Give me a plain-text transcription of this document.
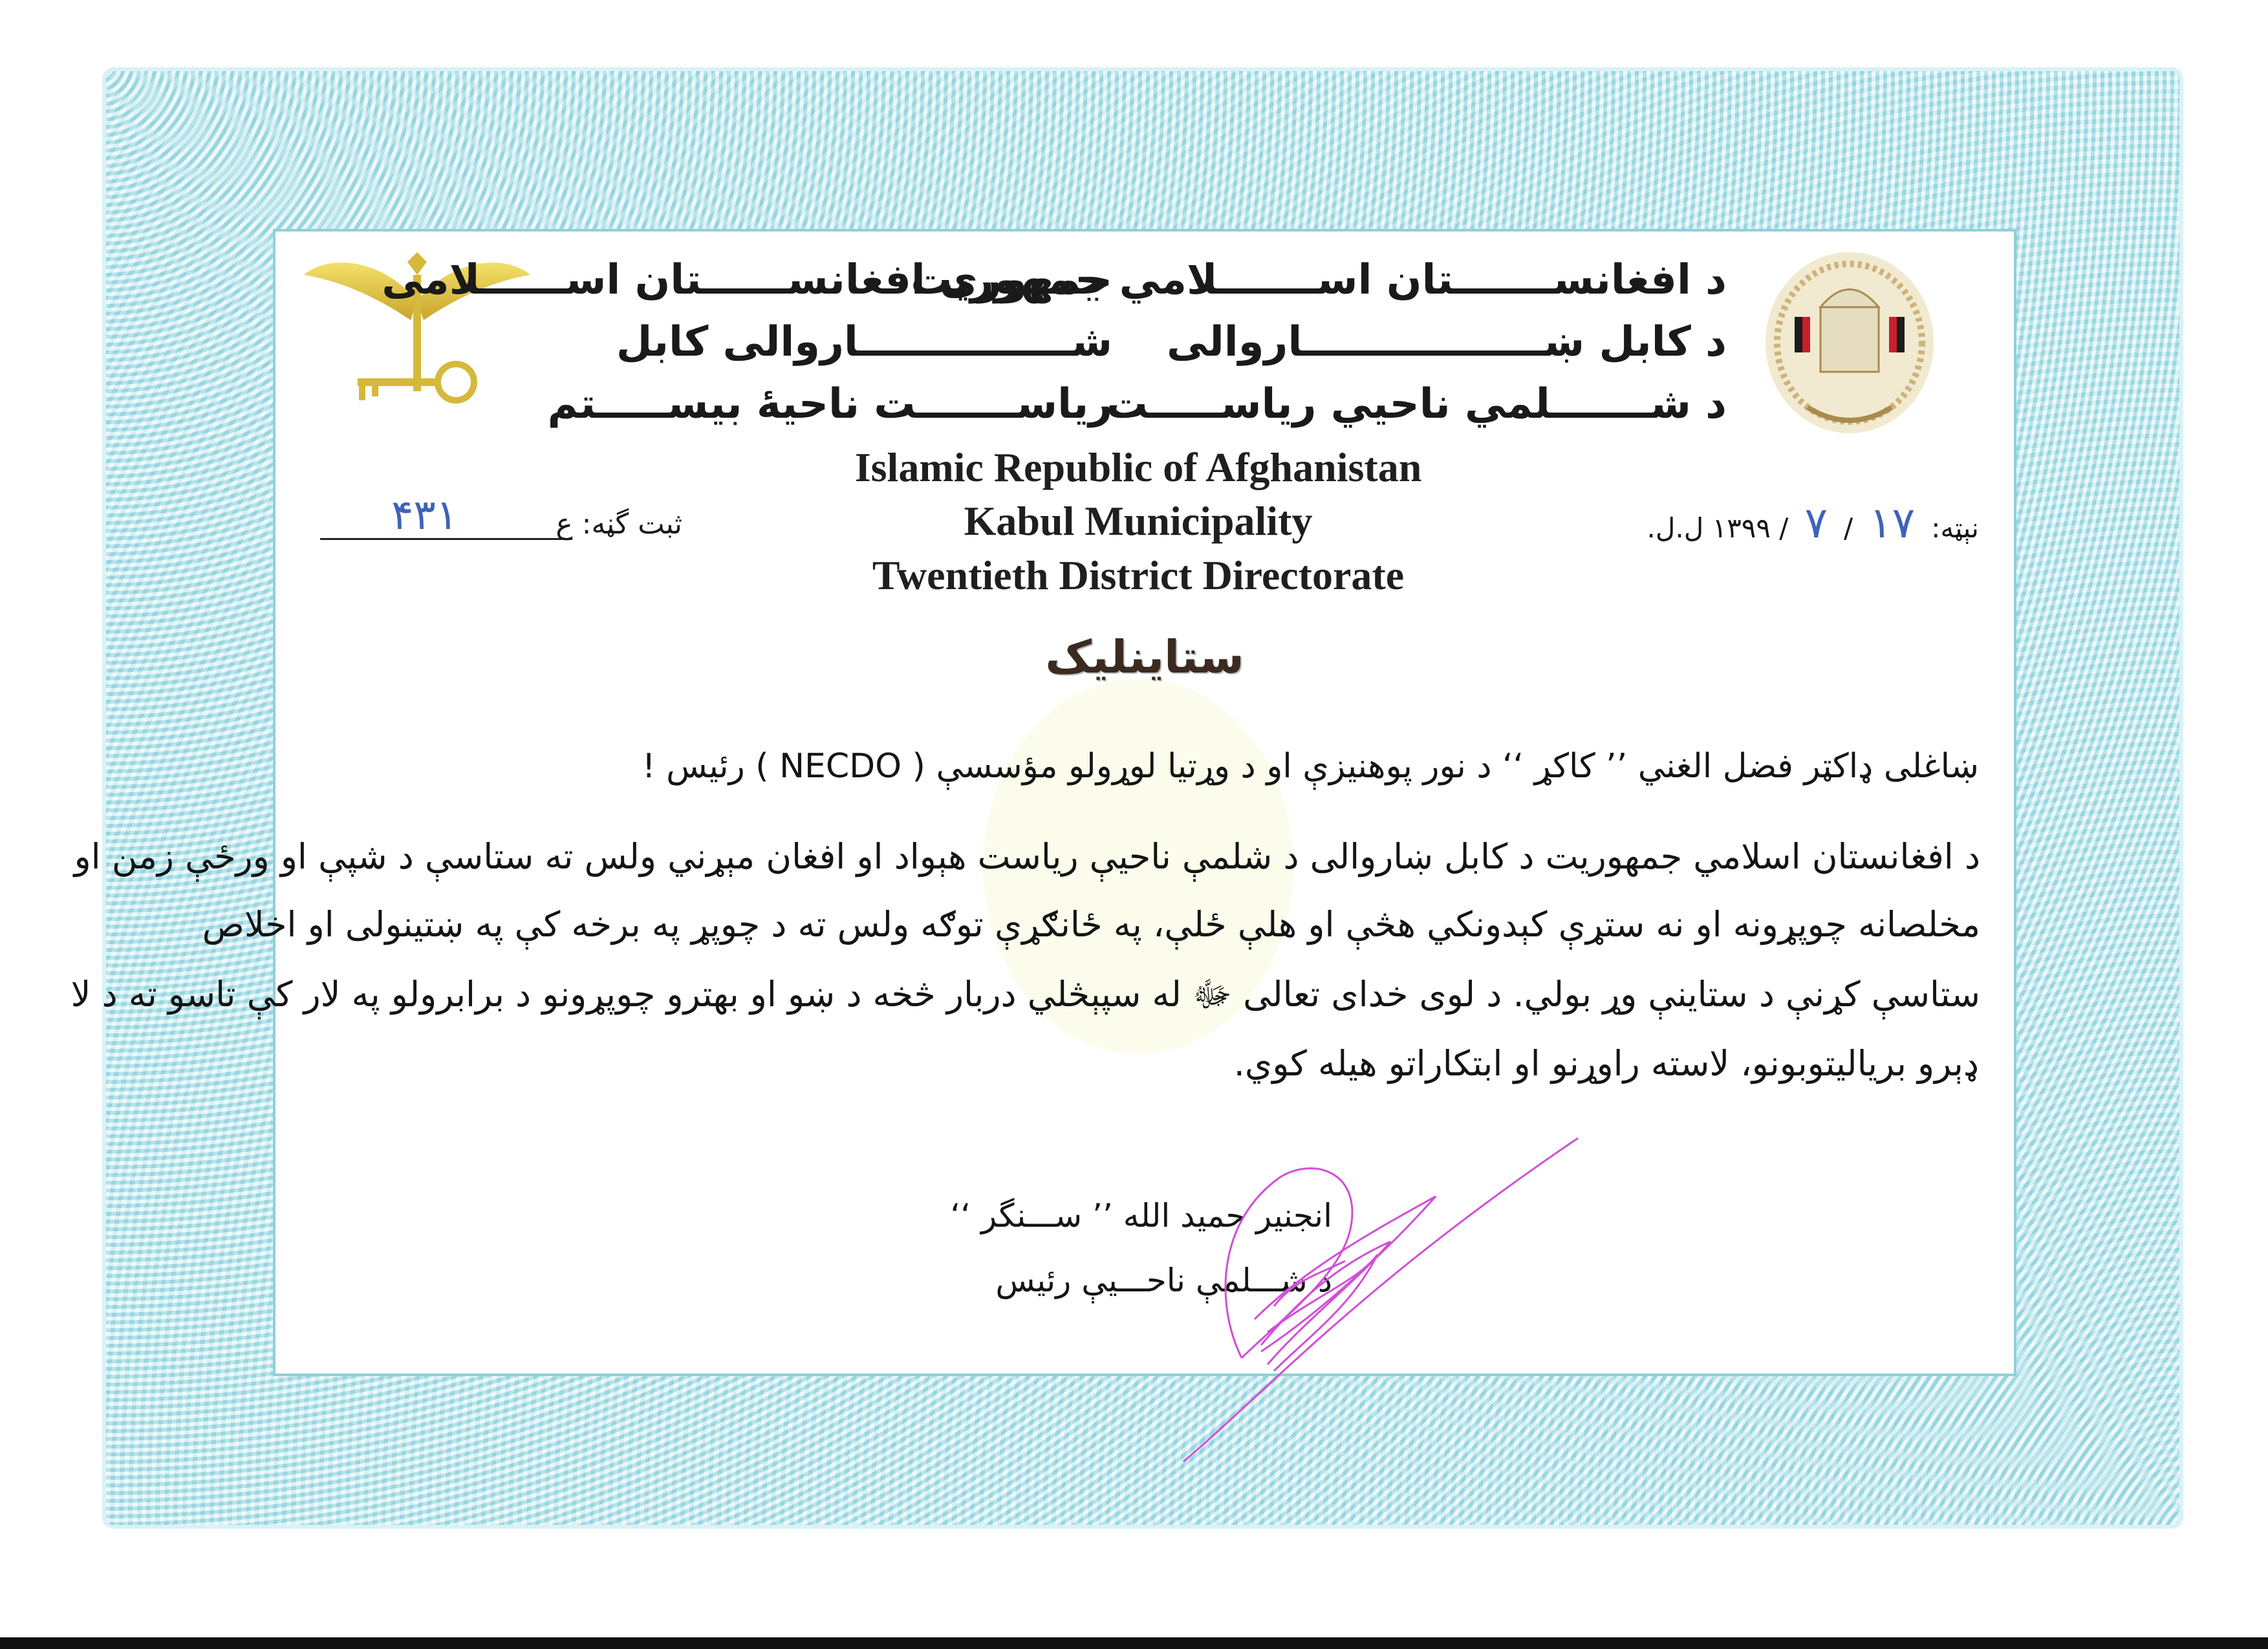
د افغانســـــــتان اســـــــلامي جمهوريت
د کابل ښـــــــــــــــــاروالی
د شـــــــلمي ناحيي رياســـــت
جمهوری افغانســــــتان اســــــلامی
شـــــــــــــــاروالی کابل
رياســـــــت ناحيهٔ بيســـــتم
Islamic Republic of Afghanistan
Kabul Municipality
Twentieth District Directorate
۴۳۱	ثبت گڼه: ع	نېټه: ۱۷ / ۷ / ۱۳۹۹ ل.ل.
ستاينليک
ښاغلی ډاکټر فضل الغني ’’ کاکړ ‘‘ د نور پوهنيزې او د وړتيا لوړولو مؤسسې ( NECDO ) رئيس !
د افغانستان اسلامي جمهوريت د کابل ښاروالی د شلمې ناحيې رياست هېواد او افغان مېړني ولس ته ستاسې د شپې او ورځې زمن او
مخلصانه چوپړونه او نه ستړې کېدونکي هڅې او هلې ځلې، په ځانګړې توګه ولس ته د چوپړ په برخه کې په ښتينولی او اخلاص
ستاسې کړنې د ستاينې وړ بولي. د لوی خدای تعالی ﷻ له سپېڅلي دربار څخه د ښو او بهترو چوپړونو د برابرولو په لار کې تاسو ته د لا
ډېرو برياليتوبونو، لاسته راوړنو او ابتکاراتو هيله کوي.
انجنير حميد الله ’’ ســـنگر ‘‘
د شـــلمې ناحـــيې رئيس
